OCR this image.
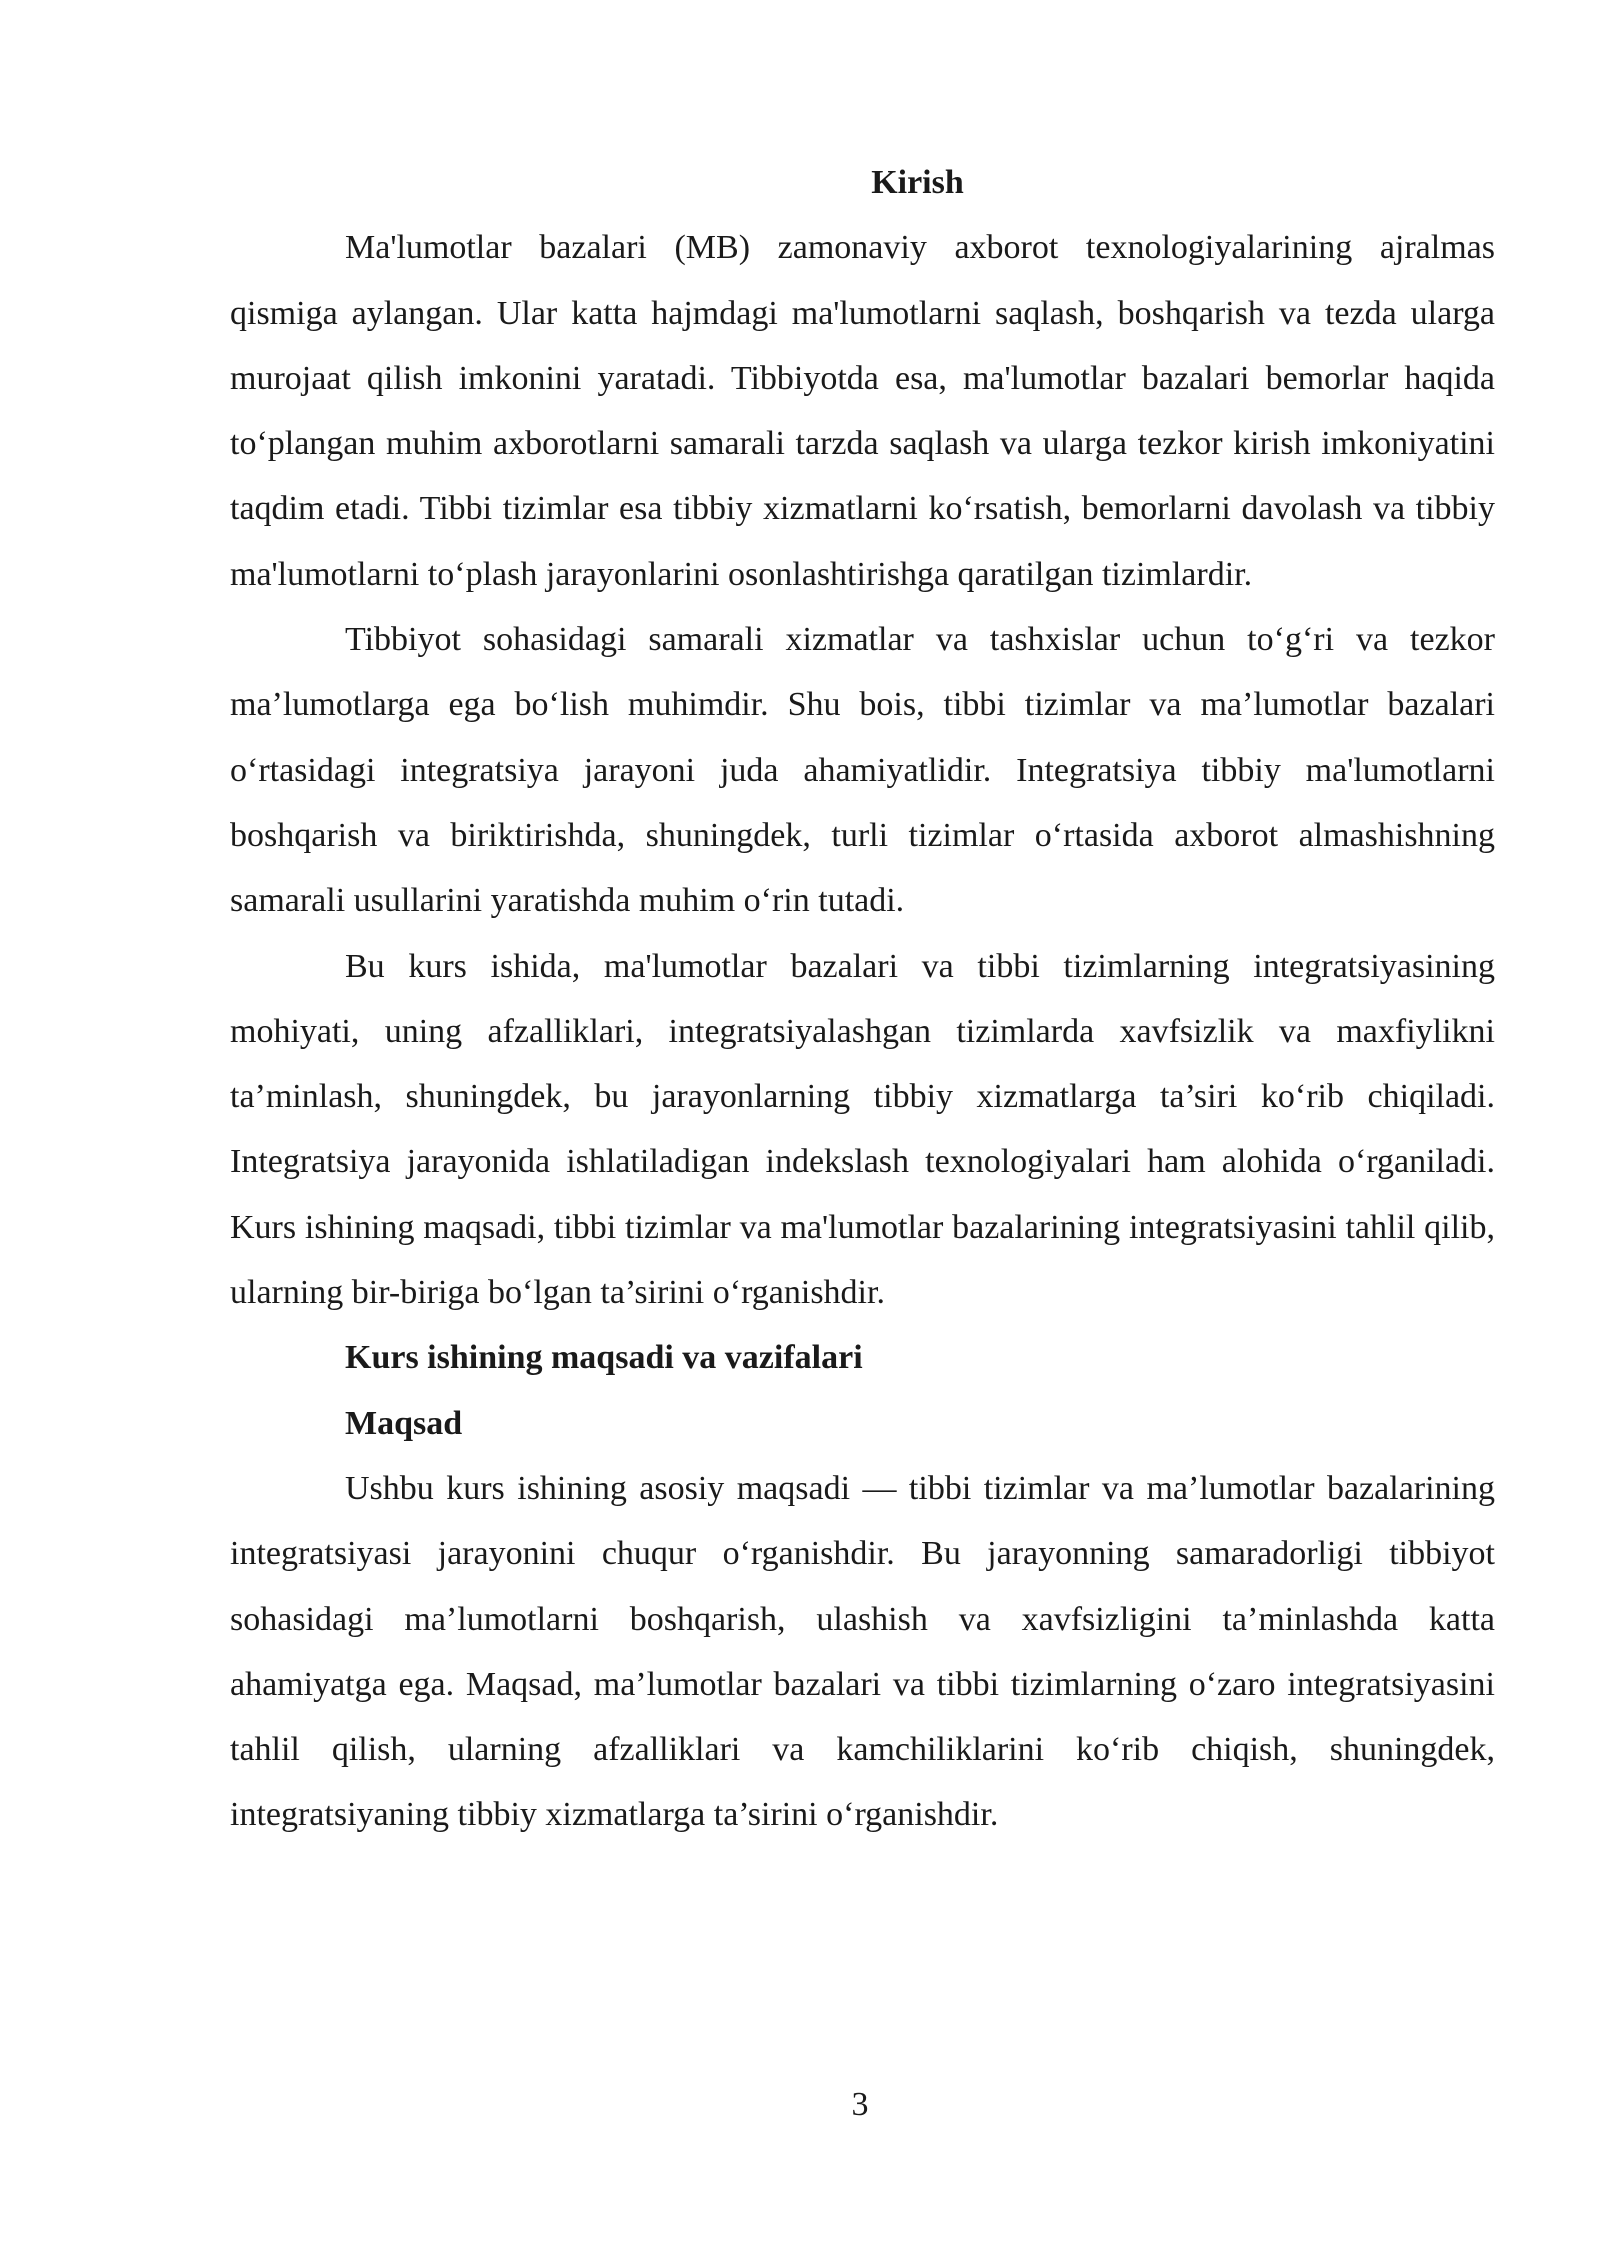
Kirish

Ma'lumotlar bazalari (MB) zamonaviy axborot texnologiyalarining ajralmas qismiga aylangan. Ular katta hajmdagi ma'lumotlarni saqlash, boshqarish va tezda ularga murojaat qilish imkonini yaratadi. Tibbiyotda esa, ma'lumotlar bazalari bemorlar haqida to‘plangan muhim axborotlarni samarali tarzda saqlash va ularga tezkor kirish imkoniyatini taqdim etadi. Tibbi tizimlar esa tibbiy xizmatlarni ko‘rsatish, bemorlarni davolash va tibbiy ma'lumotlarni to‘plash jarayonlarini osonlashtirishga qaratilgan tizimlardir.

Tibbiyot sohasidagi samarali xizmatlar va tashxislar uchun to‘g‘ri va tezkor ma’lumotlarga ega bo‘lish muhimdir. Shu bois, tibbi tizimlar va ma’lumotlar bazalari o‘rtasidagi integratsiya jarayoni juda ahamiyatlidir. Integratsiya tibbiy ma'lumotlarni boshqarish va biriktirishda, shuningdek, turli tizimlar o‘rtasida axborot almashishning samarali usullarini yaratishda muhim o‘rin tutadi.

Bu kurs ishida, ma'lumotlar bazalari va tibbi tizimlarning integratsiyasining mohiyati, uning afzalliklari, integratsiyalashgan tizimlarda xavfsizlik va maxfiylikni ta’minlash, shuningdek, bu jarayonlarning tibbiy xizmatlarga ta’siri ko‘rib chiqiladi. Integratsiya jarayonida ishlatiladigan indekslash texnologiyalari ham alohida o‘rganiladi. Kurs ishining maqsadi, tibbi tizimlar va ma'lumotlar bazalarining integratsiyasini tahlil qilib, ularning bir-biriga bo‘lgan ta’sirini o‘rganishdir.

Kurs ishining maqsadi va vazifalari

Maqsad

Ushbu kurs ishining asosiy maqsadi — tibbi tizimlar va ma’lumotlar bazalarining integratsiyasi jarayonini chuqur o‘rganishdir. Bu jarayonning samaradorligi tibbiyot sohasidagi ma’lumotlarni boshqarish, ulashish va xavfsizligini ta’minlashda katta ahamiyatga ega. Maqsad, ma’lumotlar bazalari va tibbi tizimlarning o‘zaro integratsiyasini tahlil qilish, ularning afzalliklari va kamchiliklarini ko‘rib chiqish, shuningdek, integratsiyaning tibbiy xizmatlarga ta’sirini o‘rganishdir.

3
